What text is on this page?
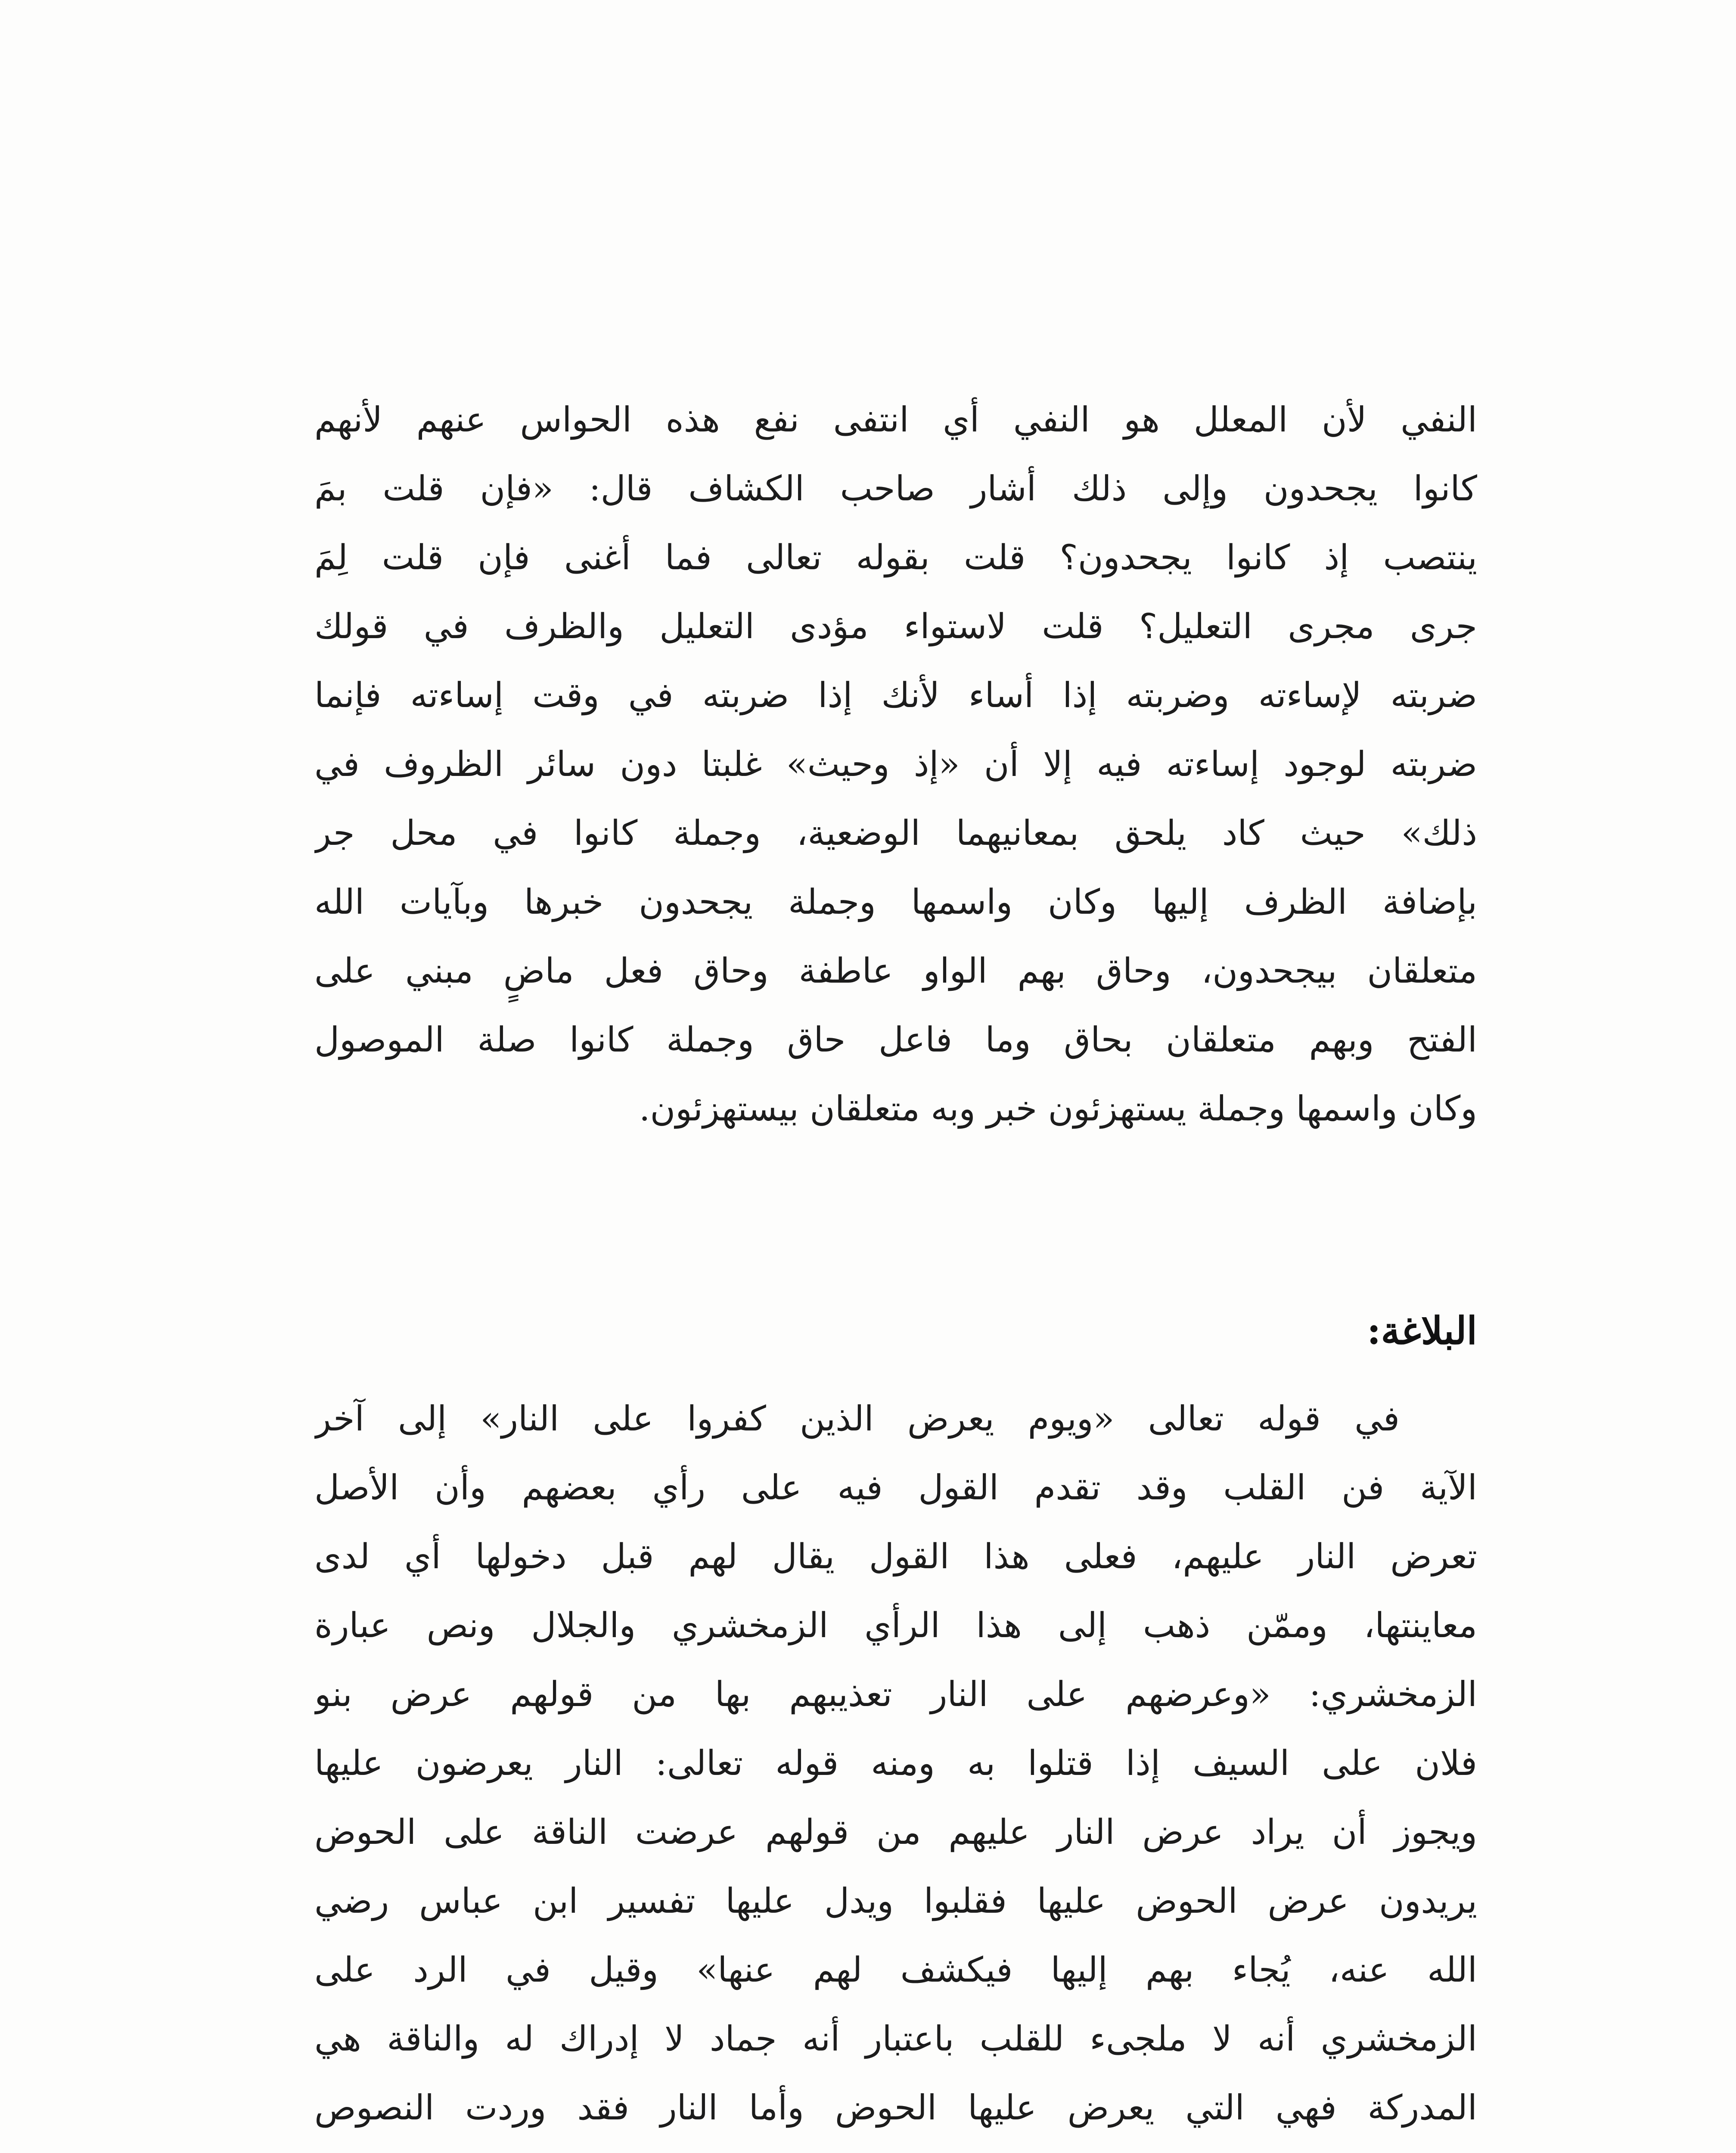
النفي لأن المعلل هو النفي أي انتفى نفع هذه الحواس عنهم لأنهم
كانوا يجحدون وإلى ذلك أشار صاحب الكشاف قال: «فإن قلت بمَ
ينتصب إذ كانوا يجحدون؟ قلت بقوله تعالى فما أغنى فإن قلت لِمَ
جرى مجرى التعليل؟ قلت لاستواء مؤدى التعليل والظرف في قولك
ضربته لإساءته وضربته إذا أساء لأنك إذا ضربته في وقت إساءته فإنما
ضربته لوجود إساءته فيه إلا أن «إذ وحيث» غلبتا دون سائر الظروف في
ذلك» حيث كاد يلحق بمعانيهما الوضعية، وجملة كانوا في محل جر
بإضافة الظرف إليها وكان واسمها وجملة يجحدون خبرها وبآيات الله
متعلقان بيجحدون، وحاق بهم الواو عاطفة وحاق فعل ماضٍ مبني على
الفتح وبهم متعلقان بحاق وما فاعل حاق وجملة كانوا صلة الموصول
وكان واسمها وجملة يستهزئون خبر وبه متعلقان بيستهزئون.
البلاغة:
في قوله تعالى «ويوم يعرض الذين كفروا على النار» إلى آخر
الآية فن القلب وقد تقدم القول فيه على رأي بعضهم وأن الأصل
تعرض النار عليهم، فعلى هذا القول يقال لهم قبل دخولها أي لدى
معاينتها، وممّن ذهب إلى هذا الرأي الزمخشري والجلال ونص عبارة
الزمخشري: «وعرضهم على النار تعذيبهم بها من قولهم عرض بنو
فلان على السيف إذا قتلوا به ومنه قوله تعالى: النار يعرضون عليها
ويجوز أن يراد عرض النار عليهم من قولهم عرضت الناقة على الحوض
يريدون عرض الحوض عليها فقلبوا ويدل عليها تفسير ابن عباس رضي
الله عنه، يُجاء بهم إليها فيكشف لهم عنها» وقيل في الرد على
الزمخشري أنه لا ملجىء للقلب باعتبار أنه جماد لا إدراك له والناقة هي
المدركة فهي التي يعرض عليها الحوض وأما النار فقد وردت النصوص
